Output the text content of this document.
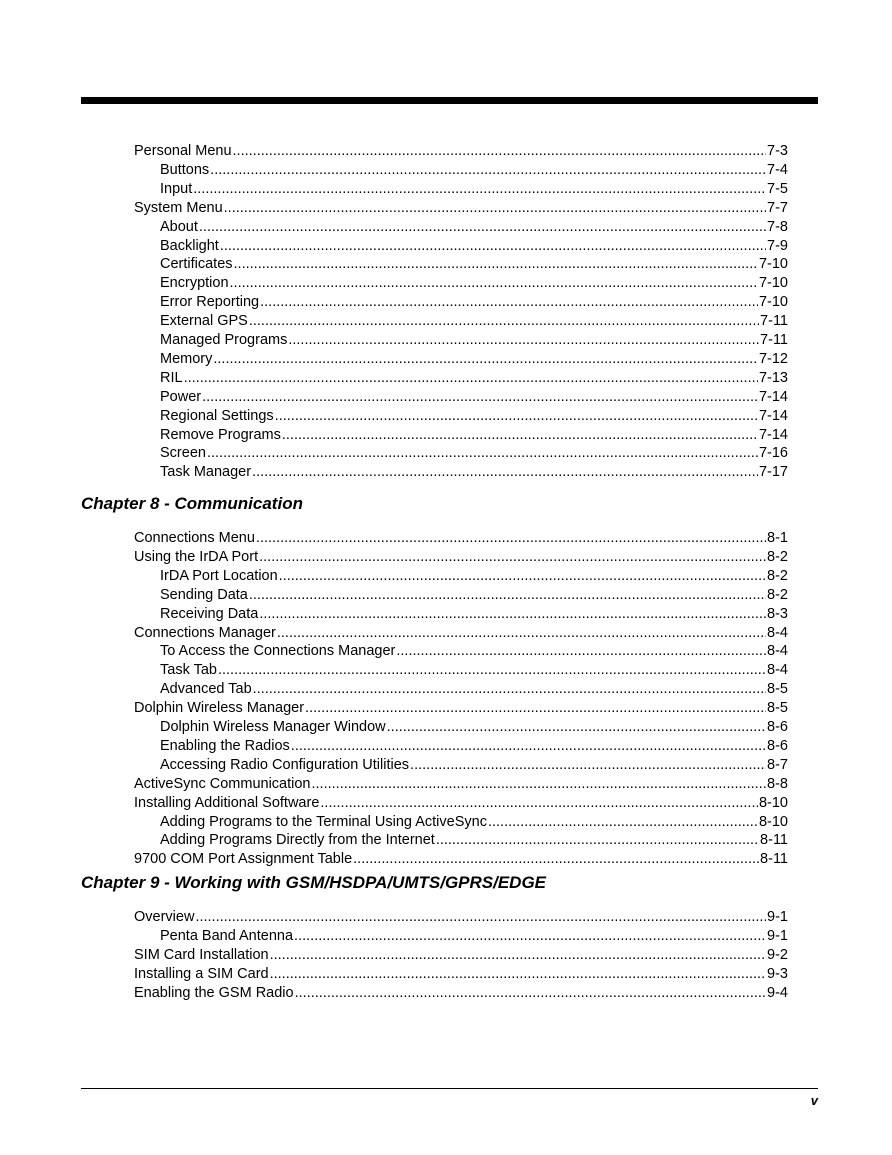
Personal Menu .....	7-3
Buttons .....	7-4
Input .....	7-5
System Menu .....	7-7
About .....	7-8
Backlight .....	7-9
Certificates .....	7-10
Encryption .....	7-10
Error Reporting .....	7-10
External GPS .....	7-11
Managed Programs .....	7-11
Memory .....	7-12
RIL .....	7-13
Power .....	7-14
Regional Settings .....	7-14
Remove Programs .....	7-14
Screen .....	7-16
Task Manager .....	7-17
Chapter 8 - Communication
Connections Menu .....	8-1
Using the IrDA Port .....	8-2
IrDA Port Location .....	8-2
Sending Data .....	8-2
Receiving Data .....	8-3
Connections Manager .....	8-4
To Access the Connections Manager .....	8-4
Task Tab .....	8-4
Advanced Tab .....	8-5
Dolphin Wireless Manager .....	8-5
Dolphin Wireless Manager Window .....	8-6
Enabling the Radios .....	8-6
Accessing Radio Configuration Utilities .....	8-7
ActiveSync Communication .....	8-8
Installing Additional Software .....	8-10
Adding Programs to the Terminal Using ActiveSync .....	8-10
Adding Programs Directly from the Internet .....	8-11
9700 COM Port Assignment Table .....	8-11
Chapter 9 - Working with GSM/HSDPA/UMTS/GPRS/EDGE
Overview .....	9-1
Penta Band Antenna .....	9-1
SIM Card Installation .....	9-2
Installing a SIM Card .....	9-3
Enabling the GSM Radio .....	9-4
v
